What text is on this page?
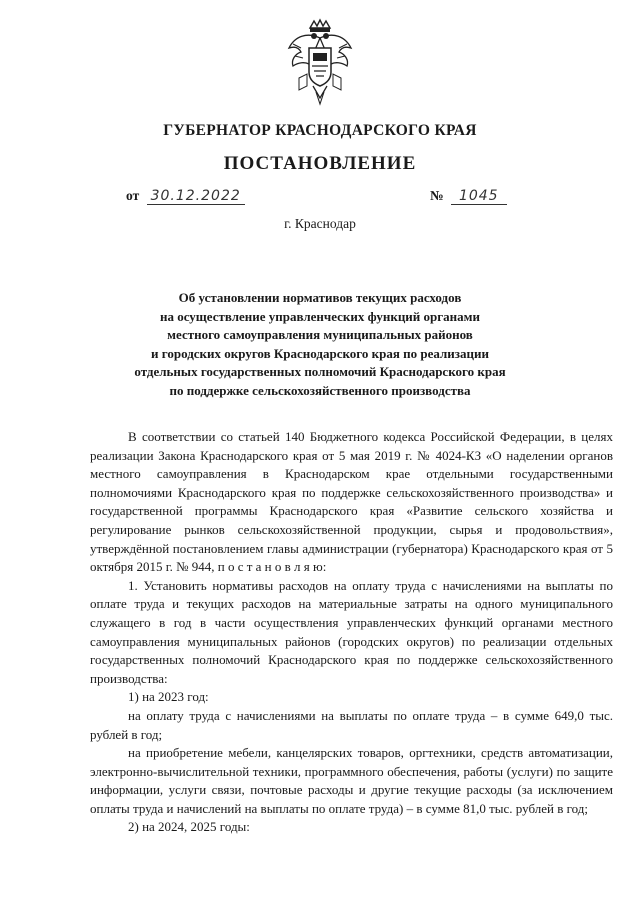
ГУБЕРНАТОР КРАСНОДАРСКОГО КРАЯ
ПОСТАНОВЛЕНИЕ
от 30.12.2022	№ 1045
г. Краснодар
Об установлении нормативов текущих расходов
на осуществление управленческих функций органами
местного самоуправления муниципальных районов
и городских округов Краснодарского края по реализации
отдельных государственных полномочий Краснодарского края
по поддержке сельскохозяйственного производства

В соответствии со статьей 140 Бюджетного кодекса Российской Федерации, в целях реализации Закона Краснодарского края от 5 мая 2019 г. № 4024-КЗ «О наделении органов местного самоуправления в Краснодарском крае отдельными государственными полномочиями Краснодарского края по поддержке сельскохозяйственного производства» и государственной программы Краснодарского края «Развитие сельского хозяйства и регулирование рынков сельскохозяйственной продукции, сырья и продовольствия», утверждённой постановлением главы администрации (губернатора) Краснодарского края от 5 октября 2015 г. № 944, п о с т а н о в л я ю:

1. Установить нормативы расходов на оплату труда с начислениями на выплаты по оплате труда и текущих расходов на материальные затраты на одного муниципального служащего в год в части осуществления управленческих функций органами местного самоуправления муниципальных районов (городских округов) по реализации отдельных государственных полномочий Краснодарского края по поддержке сельскохозяйственного производства:

1) на 2023 год:

на оплату труда с начислениями на выплаты по оплате труда – в сумме 649,0 тыс. рублей в год;

на приобретение мебели, канцелярских товаров, оргтехники, средств автоматизации, электронно-вычислительной техники, программного обеспечения, работы (услуги) по защите информации, услуги связи, почтовые расходы и другие текущие расходы (за исключением оплаты труда и начислений на выплаты по оплате труда) – в сумме 81,0 тыс. рублей в год;

2) на 2024, 2025 годы:
